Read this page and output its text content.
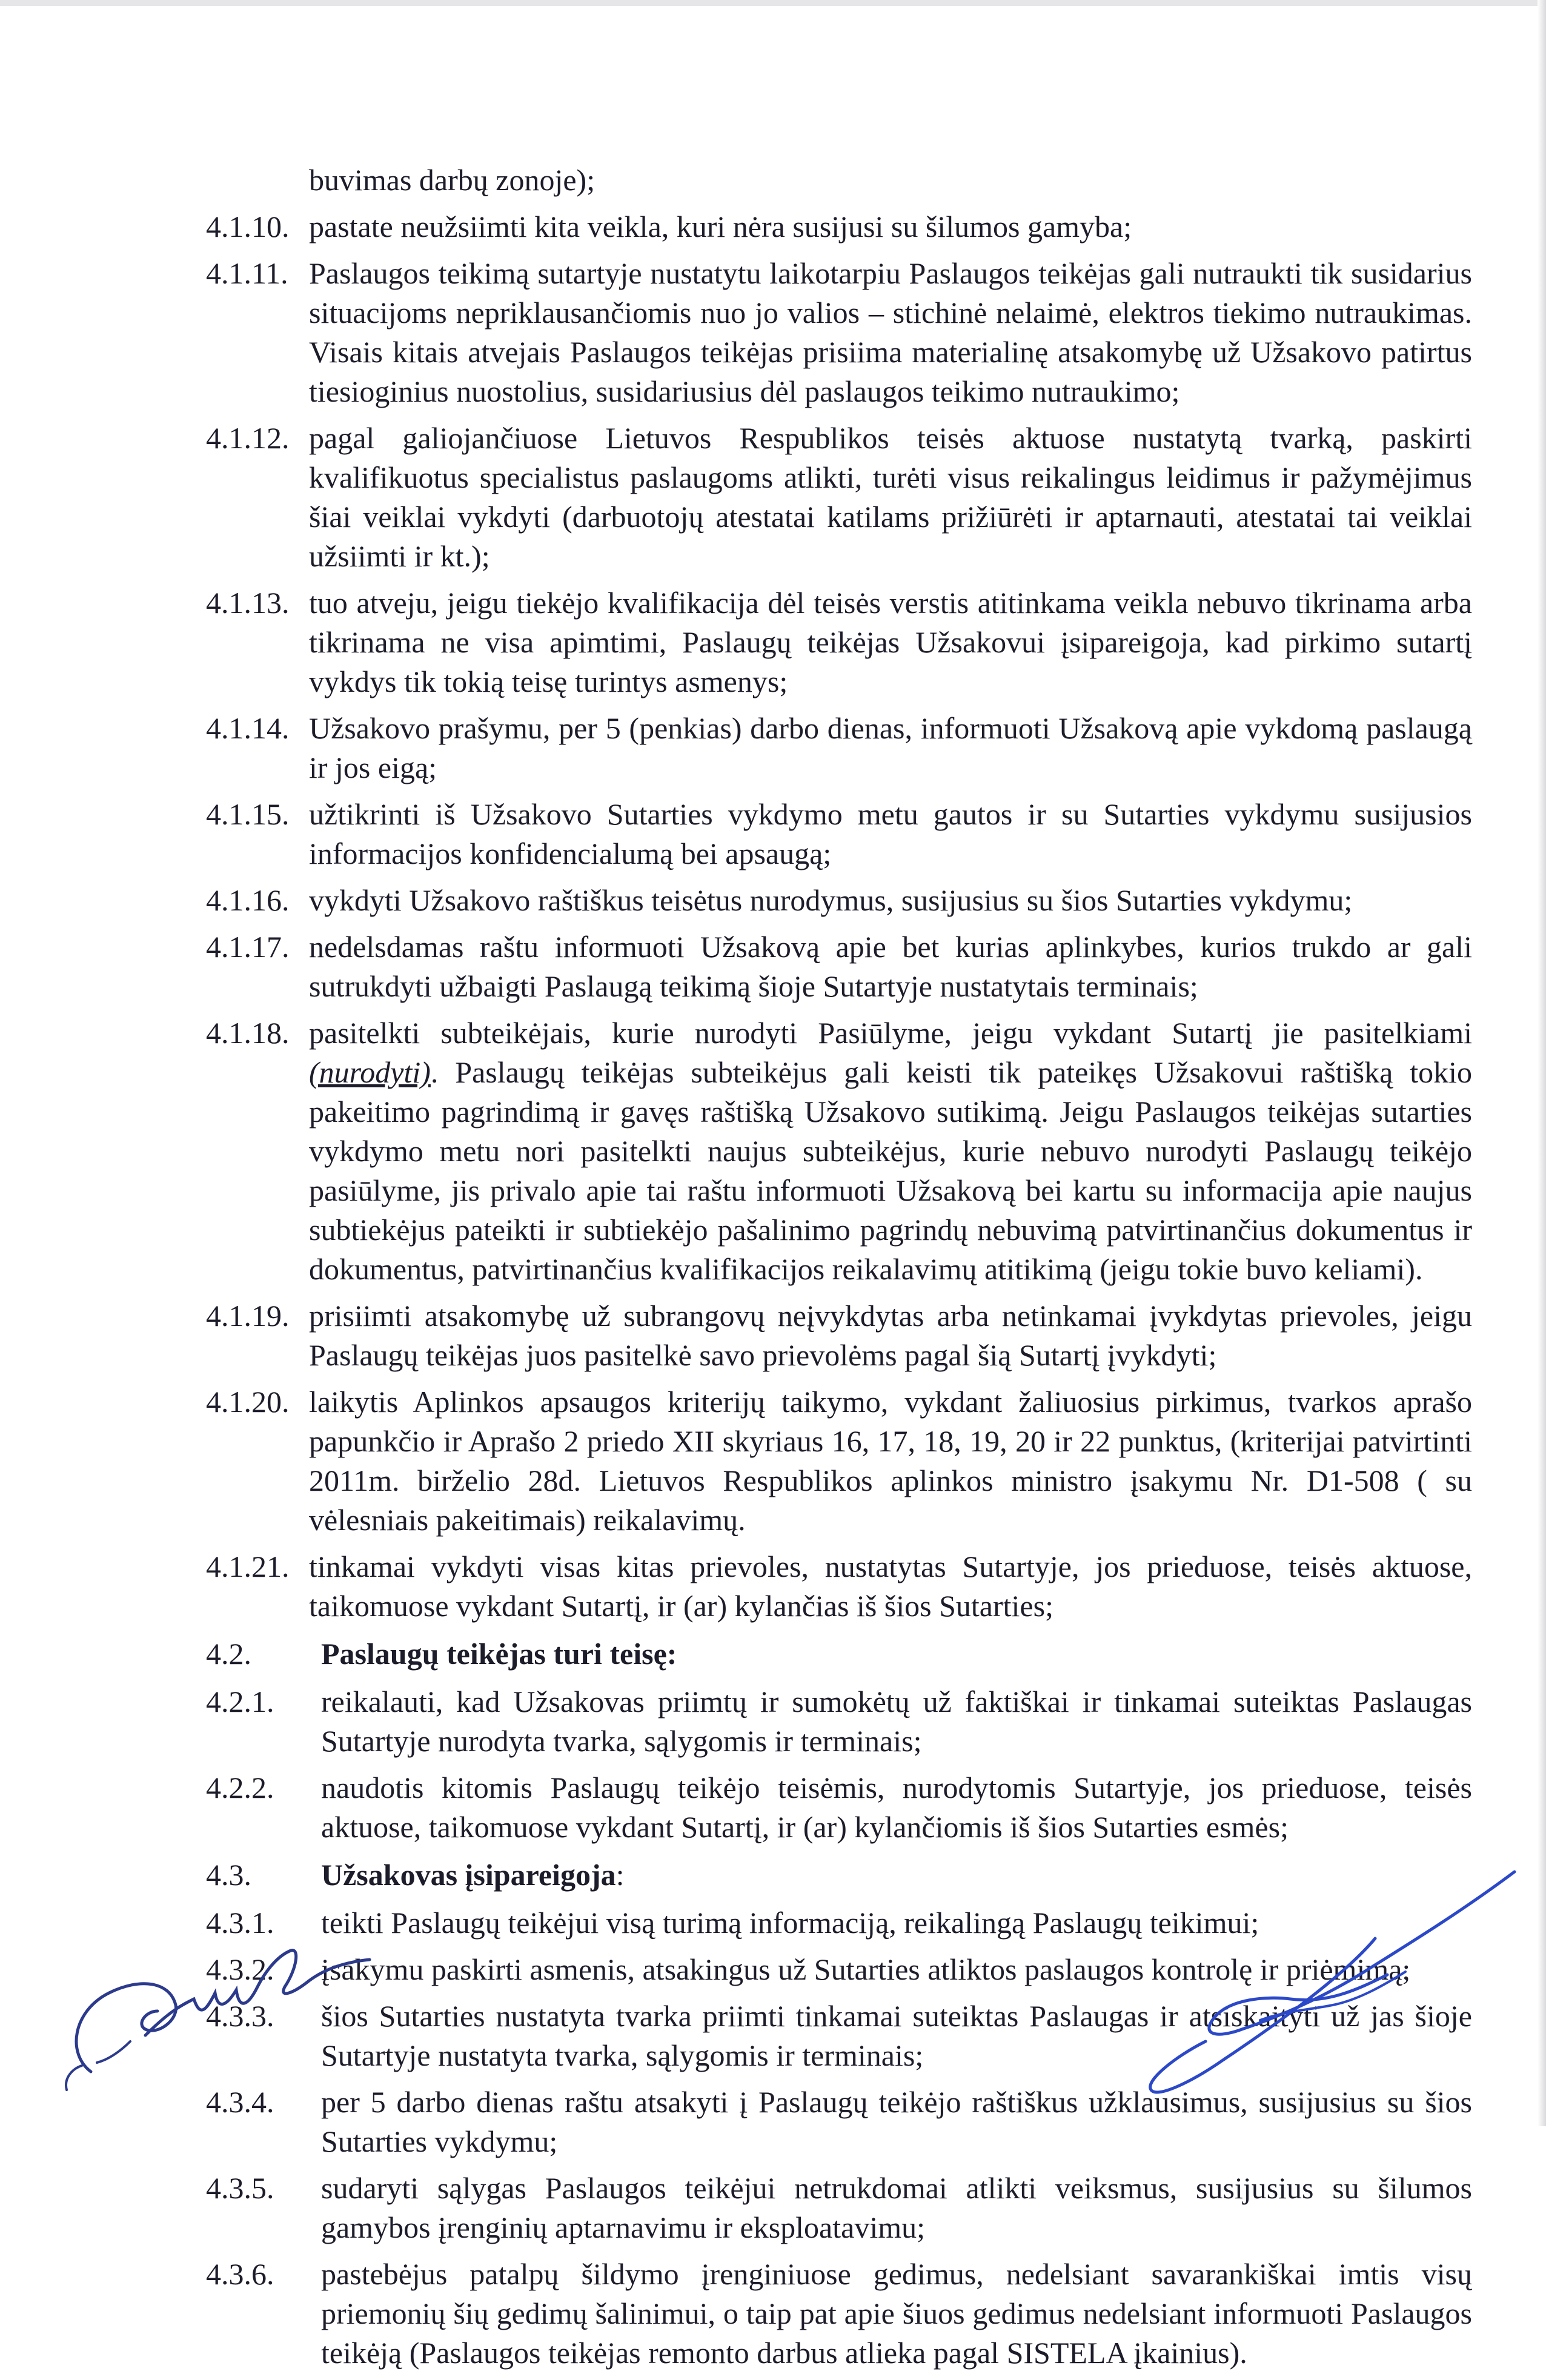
buvimas darbų zonoje);
4.1.10. pastate neužsiimti kita veikla, kuri nėra susijusi su šilumos gamyba;
4.1.11. Paslaugos teikimą sutartyje nustatytu laikotarpiu Paslaugos teikėjas gali nutraukti tik susidarius situacijoms nepriklausančiomis nuo jo valios – stichinė nelaimė, elektros tiekimo nutraukimas. Visais kitais atvejais Paslaugos teikėjas prisiima materialinę atsakomybę už Užsakovo patirtus tiesioginius nuostolius, susidariusius dėl paslaugos teikimo nutraukimo;
4.1.12. pagal galiojančiuose Lietuvos Respublikos teisės aktuose nustatytą tvarką, paskirti kvalifikuotus specialistus paslaugoms atlikti, turėti visus reikalingus leidimus ir pažymėjimus šiai veiklai vykdyti (darbuotojų atestatai katilams prižiūrėti ir aptarnauti, atestatai tai veiklai užsiimti ir kt.);
4.1.13. tuo atveju, jeigu tiekėjo kvalifikacija dėl teisės verstis atitinkama veikla nebuvo tikrinama arba tikrinama ne visa apimtimi, Paslaugų teikėjas Užsakovui įsipareigoja, kad pirkimo sutartį vykdys tik tokią teisę turintys asmenys;
4.1.14. Užsakovo prašymu, per 5 (penkias) darbo dienas, informuoti Užsakovą apie vykdomą paslaugą ir jos eigą;
4.1.15. užtikrinti iš Užsakovo Sutarties vykdymo metu gautos ir su Sutarties vykdymu susijusios informacijos konfidencialumą bei apsaugą;
4.1.16. vykdyti Užsakovo raštiškus teisėtus nurodymus, susijusius su šios Sutarties vykdymu;
4.1.17. nedelsdamas raštu informuoti Užsakovą apie bet kurias aplinkybes, kurios trukdo ar gali sutrukdyti užbaigti Paslaugą teikimą šioje Sutartyje nustatytais terminais;
4.1.18. pasitelkti subteikėjais, kurie nurodyti Pasiūlyme, jeigu vykdant Sutartį jie pasitelkiami (nurodyti). Paslaugų teikėjas subteikėjus gali keisti tik pateikęs Užsakovui raštišką tokio pakeitimo pagrindimą ir gavęs raštišką Užsakovo sutikimą. Jeigu Paslaugos teikėjas sutarties vykdymo metu nori pasitelkti naujus subteikėjus, kurie nebuvo nurodyti Paslaugų teikėjo pasiūlyme, jis privalo apie tai raštu informuoti Užsakovą bei kartu su informacija apie naujus subtiekėjus pateikti ir subtiekėjo pašalinimo pagrindų nebuvimą patvirtinančius dokumentus ir dokumentus, patvirtinančius kvalifikacijos reikalavimų atitikimą (jeigu tokie buvo keliami).
4.1.19. prisiimti atsakomybę už subrangovų neįvykdytas arba netinkamai įvykdytas prievoles, jeigu Paslaugų teikėjas juos pasitelkė savo prievolėms pagal šią Sutartį įvykdyti;
4.1.20. laikytis Aplinkos apsaugos kriterijų taikymo, vykdant žaliuosius pirkimus, tvarkos aprašo papunkčio ir Aprašo 2 priedo XII skyriaus 16, 17, 18, 19, 20 ir 22 punktus, (kriterijai patvirtinti 2011m. birželio 28d. Lietuvos Respublikos aplinkos ministro įsakymu Nr. D1-508 ( su vėlesniais pakeitimais) reikalavimų.
4.1.21. tinkamai vykdyti visas kitas prievoles, nustatytas Sutartyje, jos prieduose, teisės aktuose, taikomuose vykdant Sutartį, ir (ar) kylančias iš šios Sutarties;
4.2. Paslaugų teikėjas turi teisę:
4.2.1. reikalauti, kad Užsakovas priimtų ir sumokėtų už faktiškai ir tinkamai suteiktas Paslaugas Sutartyje nurodyta tvarka, sąlygomis ir terminais;
4.2.2. naudotis kitomis Paslaugų teikėjo teisėmis, nurodytomis Sutartyje, jos prieduose, teisės aktuose, taikomuose vykdant Sutartį, ir (ar) kylančiomis iš šios Sutarties esmės;
4.3. Užsakovas įsipareigoja:
4.3.1. teikti Paslaugų teikėjui visą turimą informaciją, reikalingą Paslaugų teikimui;
4.3.2. įsakymu paskirti asmenis, atsakingus už Sutarties atliktos paslaugos kontrolę ir priėmimą;
4.3.3. šios Sutarties nustatyta tvarka priimti tinkamai suteiktas Paslaugas ir atsiskaityti už jas šioje Sutartyje nustatyta tvarka, sąlygomis ir terminais;
4.3.4. per 5 darbo dienas raštu atsakyti į Paslaugų teikėjo raštiškus užklausimus, susijusius su šios Sutarties vykdymu;
4.3.5. sudaryti sąlygas Paslaugos teikėjui netrukdomai atlikti veiksmus, susijusius su šilumos gamybos įrenginių aptarnavimu ir eksploatavimu;
4.3.6. pastebėjus patalpų šildymo įrenginiuose gedimus, nedelsiant savarankiškai imtis visų priemonių šių gedimų šalinimui, o taip pat apie šiuos gedimus nedelsiant informuoti Paslaugos teikėją (Paslaugos teikėjas remonto darbus atlieka pagal SISTELA įkainius).
